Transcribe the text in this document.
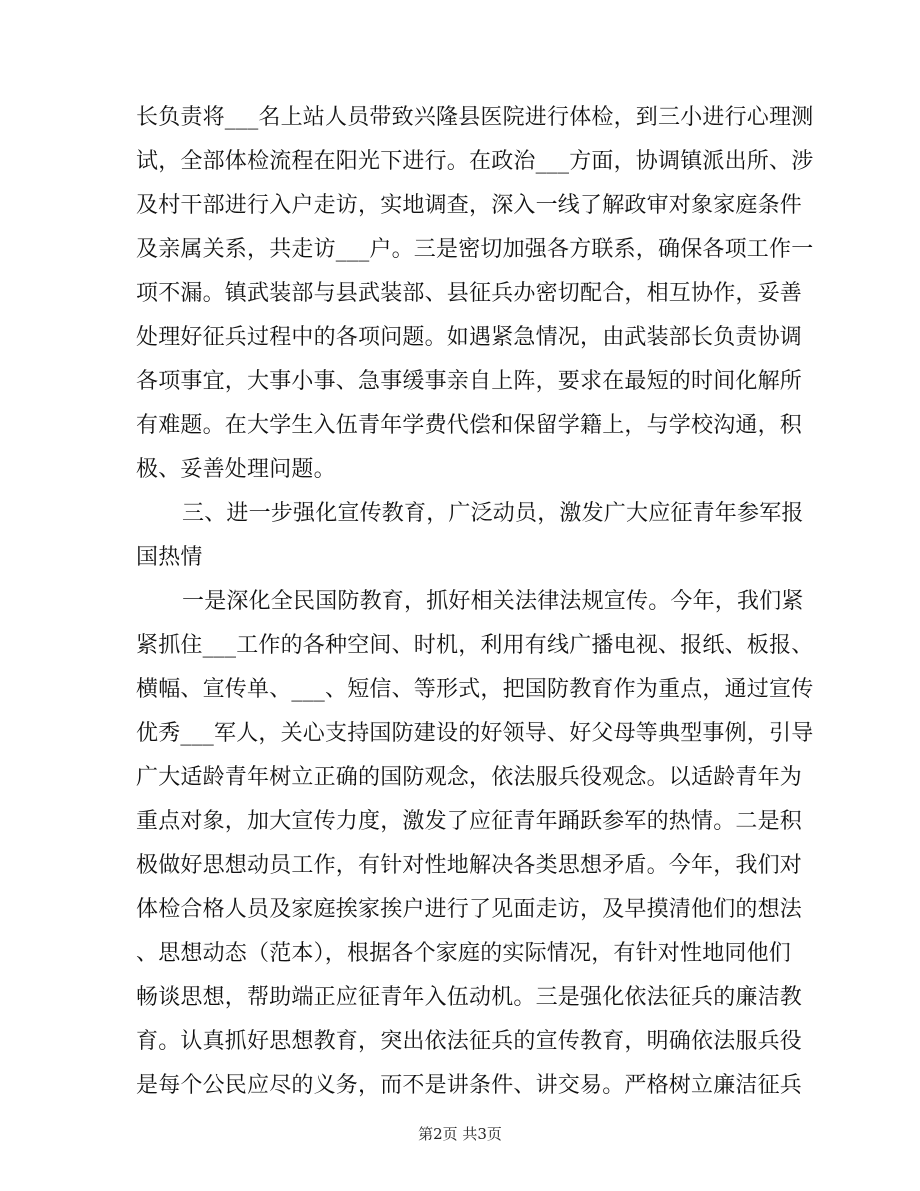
长负责将___名上站人员带致兴隆县医院进行体检，到三小进行心理测
试，全部体检流程在阳光下进行。在政治___方面，协调镇派出所、涉
及村干部进行入户走访，实地调查，深入一线了解政审对象家庭条件
及亲属关系，共走访___户。三是密切加强各方联系，确保各项工作一
项不漏。镇武装部与县武装部、县征兵办密切配合，相互协作，妥善
处理好征兵过程中的各项问题。如遇紧急情况，由武装部长负责协调
各项事宜，大事小事、急事缓事亲自上阵，要求在最短的时间化解所
有难题。在大学生入伍青年学费代偿和保留学籍上，与学校沟通，积
极、妥善处理问题。
三、进一步强化宣传教育，广泛动员，激发广大应征青年参军报
国热情
一是深化全民国防教育，抓好相关法律法规宣传。今年，我们紧
紧抓住___工作的各种空间、时机，利用有线广播电视、报纸、板报、
横幅、宣传单、___、短信、等形式，把国防教育作为重点，通过宣传
优秀___军人，关心支持国防建设的好领导、好父母等典型事例，引导
广大适龄青年树立正确的国防观念，依法服兵役观念。以适龄青年为
重点对象，加大宣传力度，激发了应征青年踊跃参军的热情。二是积
极做好思想动员工作，有针对性地解决各类思想矛盾。今年，我们对
体检合格人员及家庭挨家挨户进行了见面走访，及早摸清他们的想法
、思想动态（范本），根据各个家庭的实际情况，有针对性地同他们
畅谈思想，帮助端正应征青年入伍动机。三是强化依法征兵的廉洁教
育。认真抓好思想教育，突出依法征兵的宣传教育，明确依法服兵役
是每个公民应尽的义务，而不是讲条件、讲交易。严格树立廉洁征兵
第2页 共3页
